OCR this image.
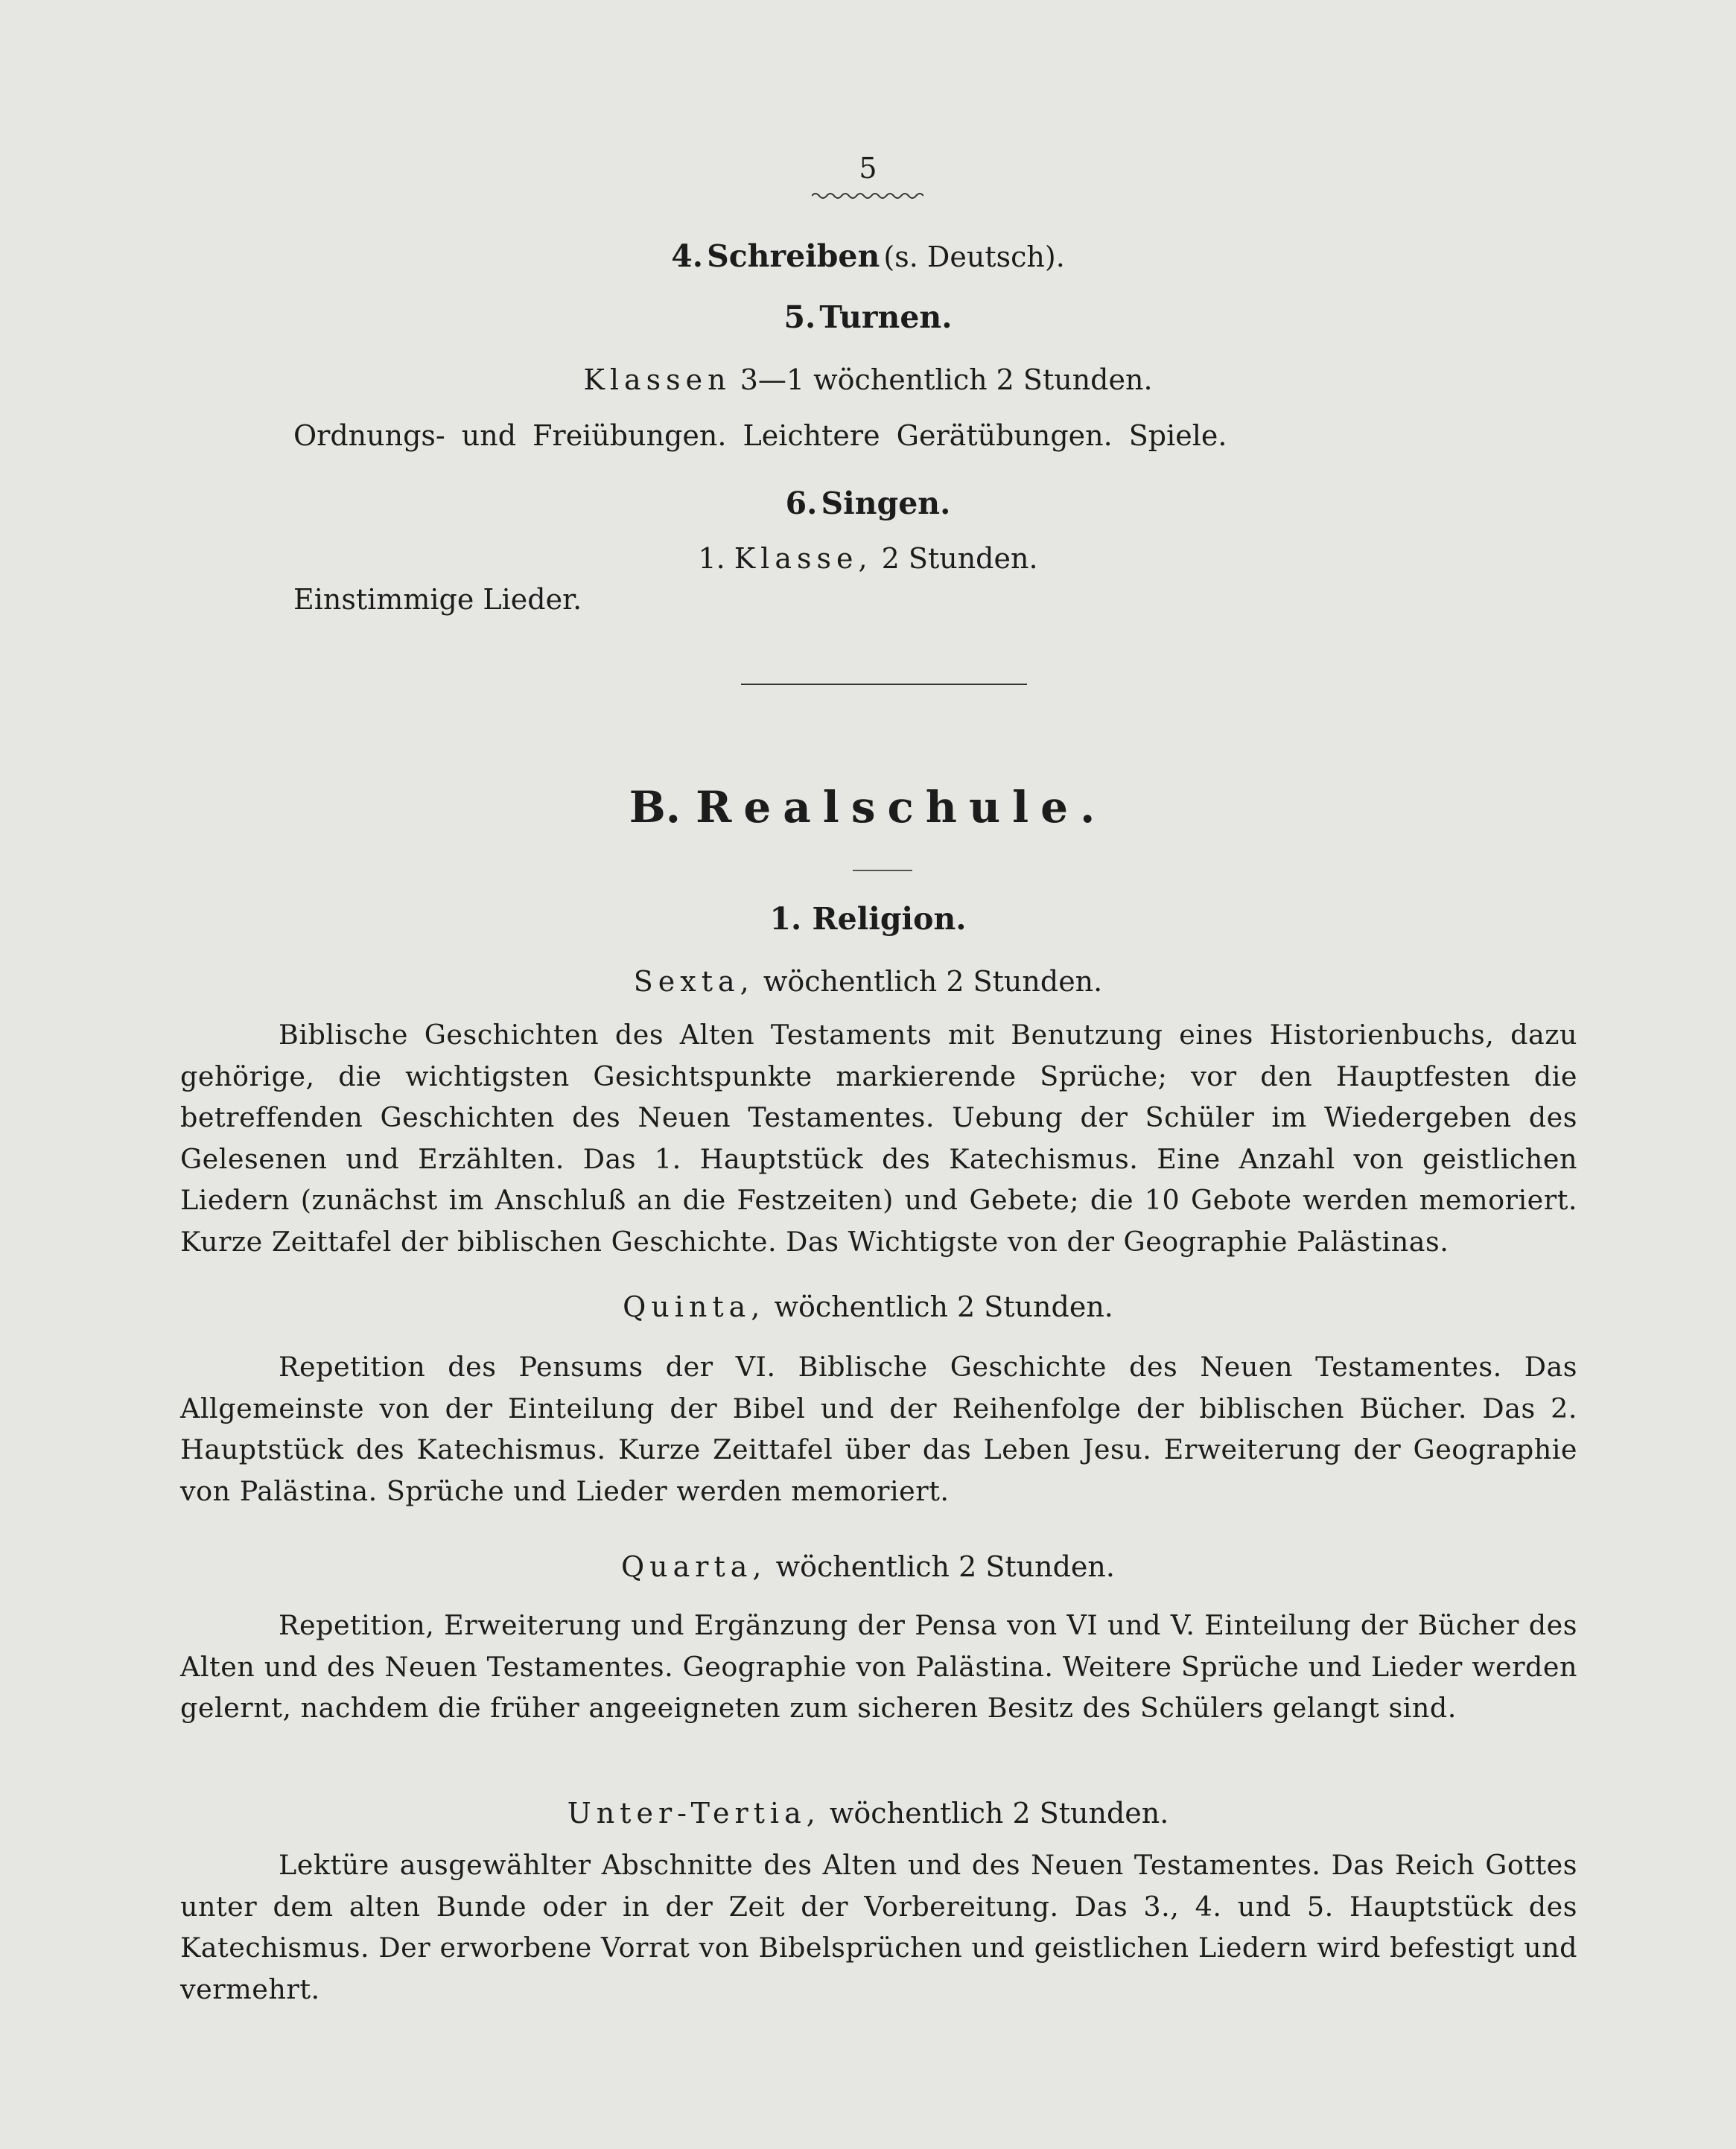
5

4. Schreiben (s. Deutsch).

5. Turnen.

Klassen 3—1 wöchentlich 2 Stunden.

Ordnungs- und Freiübungen. Leichtere Gerätübungen. Spiele.

6. Singen.

1. Klasse, 2 Stunden.

Einstimmige Lieder.

B. Realschule.

1. Religion.

Sexta, wöchentlich 2 Stunden.

Biblische Geschichten des Alten Testaments mit Benutzung eines Historienbuchs, dazu gehörige, die wichtigsten Gesichtspunkte markierende Sprüche; vor den Hauptfesten die betreffenden Geschichten des Neuen Testamentes. Uebung der Schüler im Wiedergeben des Gelesenen und Erzählten. Das 1. Hauptstück des Katechismus. Eine Anzahl von geistlichen Liedern (zunächst im Anschluß an die Festzeiten) und Gebete; die 10 Gebote werden memoriert. Kurze Zeittafel der biblischen Geschichte. Das Wichtigste von der Geographie Palästinas.

Quinta, wöchentlich 2 Stunden.

Repetition des Pensums der VI. Biblische Geschichte des Neuen Testamentes. Das Allgemeinste von der Einteilung der Bibel und der Reihenfolge der biblischen Bücher. Das 2. Hauptstück des Katechismus. Kurze Zeittafel über das Leben Jesu. Erweiterung der Geographie von Palästina. Sprüche und Lieder werden memoriert.

Quarta, wöchentlich 2 Stunden.

Repetition, Erweiterung und Ergänzung der Pensa von VI und V. Einteilung der Bücher des Alten und des Neuen Testamentes. Geographie von Palästina. Weitere Sprüche und Lieder werden gelernt, nachdem die früher angeeigneten zum sicheren Besitz des Schülers gelangt sind.

Unter-Tertia, wöchentlich 2 Stunden.

Lektüre ausgewählter Abschnitte des Alten und des Neuen Testamentes. Das Reich Gottes unter dem alten Bunde oder in der Zeit der Vorbereitung. Das 3., 4. und 5. Hauptstück des Katechismus. Der erworbene Vorrat von Bibelsprüchen und geistlichen Liedern wird befestigt und vermehrt.
